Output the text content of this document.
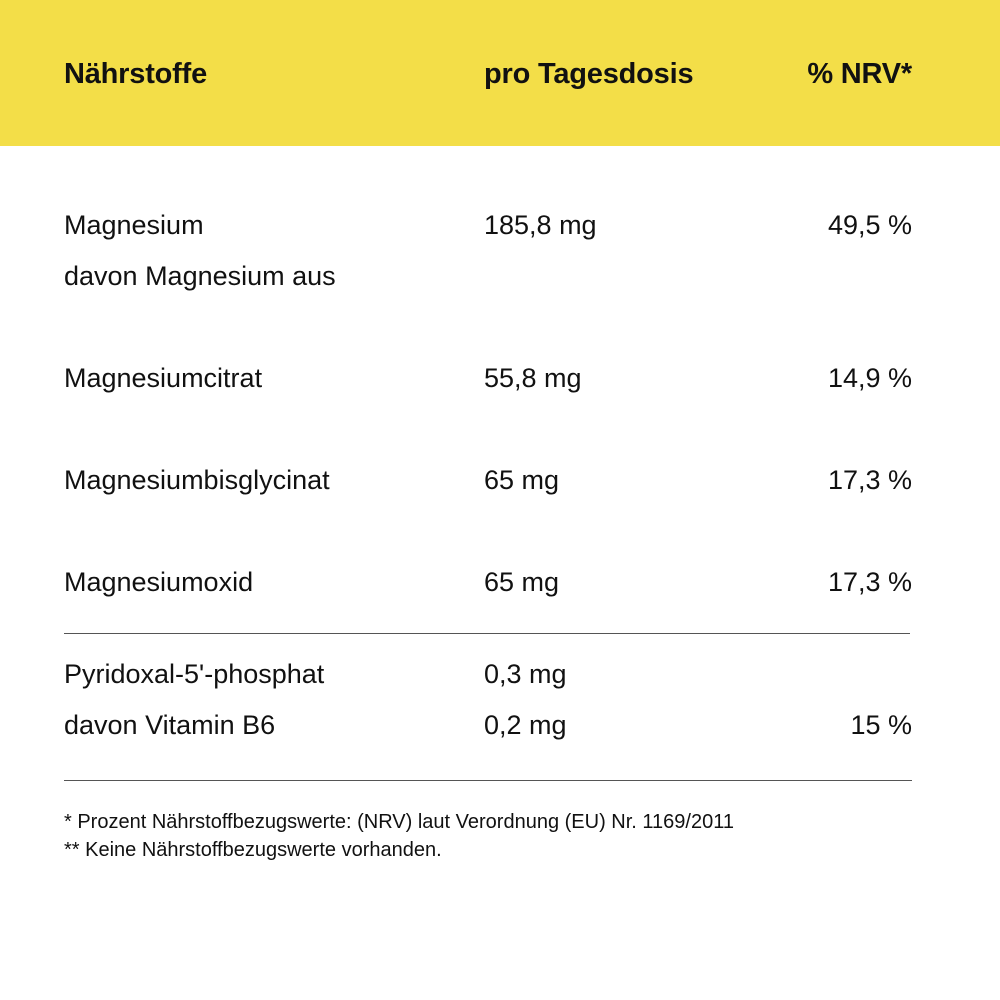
Nährstoffe	pro Tagesdosis	% NRV*
Magnesium	185,8 mg	49,5 %
davon Magnesium aus
Magnesiumcitrat	55,8 mg	14,9 %
Magnesiumbisglycinat	65 mg	17,3 %
Magnesiumoxid	65 mg	17,3 %
Pyridoxal-5'-phosphat	0,3 mg
davon Vitamin B6	0,2 mg	15 %
* Prozent Nährstoffbezugswerte: (NRV) laut Verordnung (EU) Nr. 1169/2011
** Keine Nährstoffbezugswerte vorhanden.
